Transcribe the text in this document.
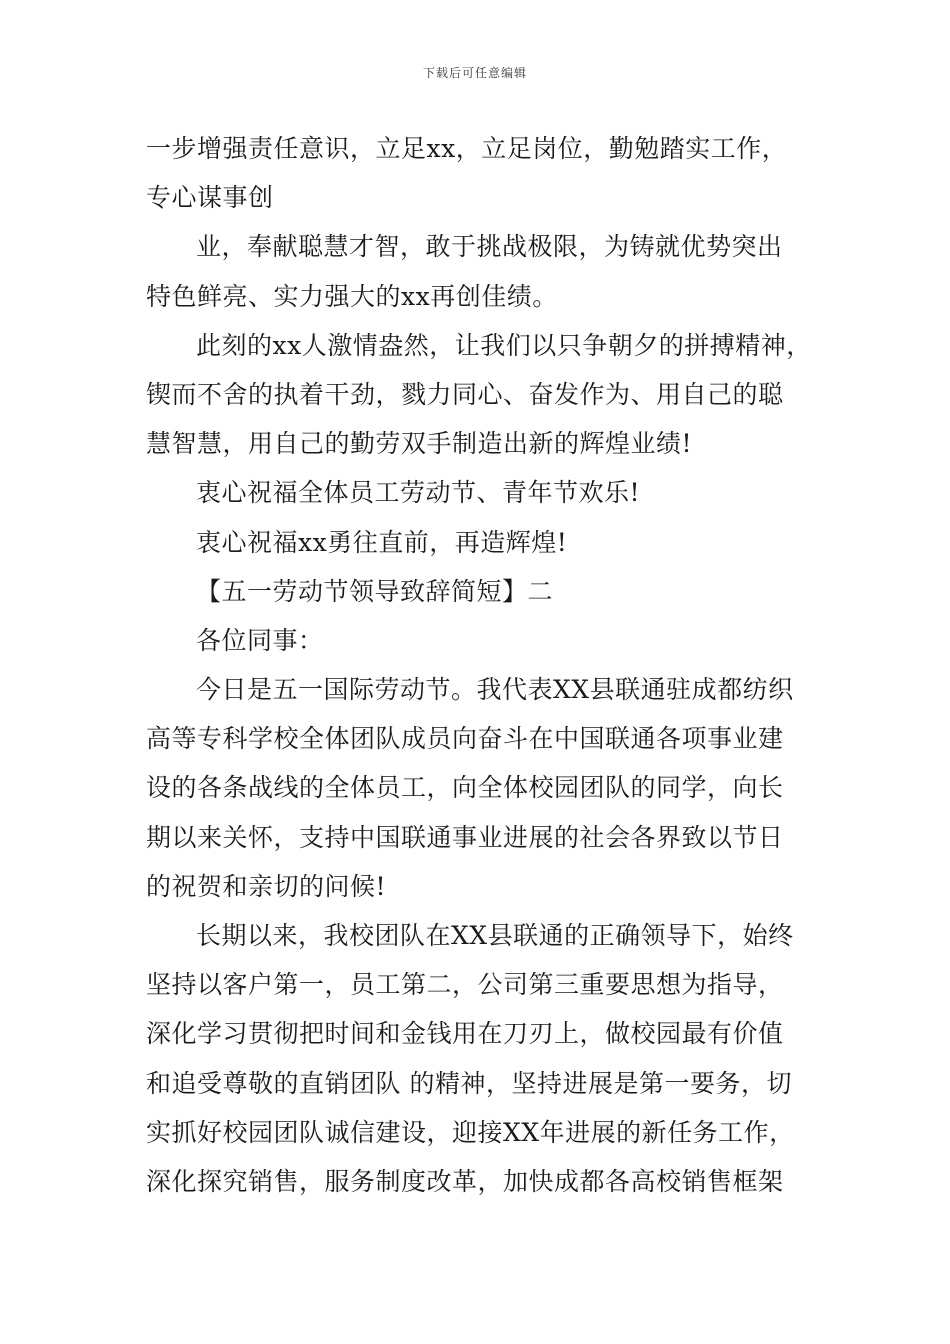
下载后可任意编辑
一步增强责任意识，立足xx，立足岗位，勤勉踏实工作，
专心谋事创
业，奉献聪慧才智，敢于挑战极限，为铸就优势突出
特色鲜亮、实力强大的xx再创佳绩。
此刻的xx人激情盎然，让我们以只争朝夕的拼搏精神，
锲而不舍的执着干劲，戮力同心、奋发作为、用自己的聪
慧智慧，用自己的勤劳双手制造出新的辉煌业绩!
衷心祝福全体员工劳动节、青年节欢乐!
衷心祝福xx勇往直前，再造辉煌!
【五一劳动节领导致辞简短】二
各位同事：
今日是五一国际劳动节。我代表XX县联通驻成都纺织
高等专科学校全体团队成员向奋斗在中国联通各项事业建
设的各条战线的全体员工，向全体校园团队的同学，向长
期以来关怀，支持中国联通事业进展的社会各界致以节日
的祝贺和亲切的问候!
长期以来，我校团队在XX县联通的正确领导下，始终
坚持以客户第一，员工第二，公司第三重要思想为指导，
深化学习贯彻把时间和金钱用在刀刃上，做校园最有价值
和追受尊敬的直销团队 的精神，坚持进展是第一要务，切
实抓好校园团队诚信建设，迎接XX年进展的新任务工作，
深化探究销售，服务制度改革，加快成都各高校销售框架
